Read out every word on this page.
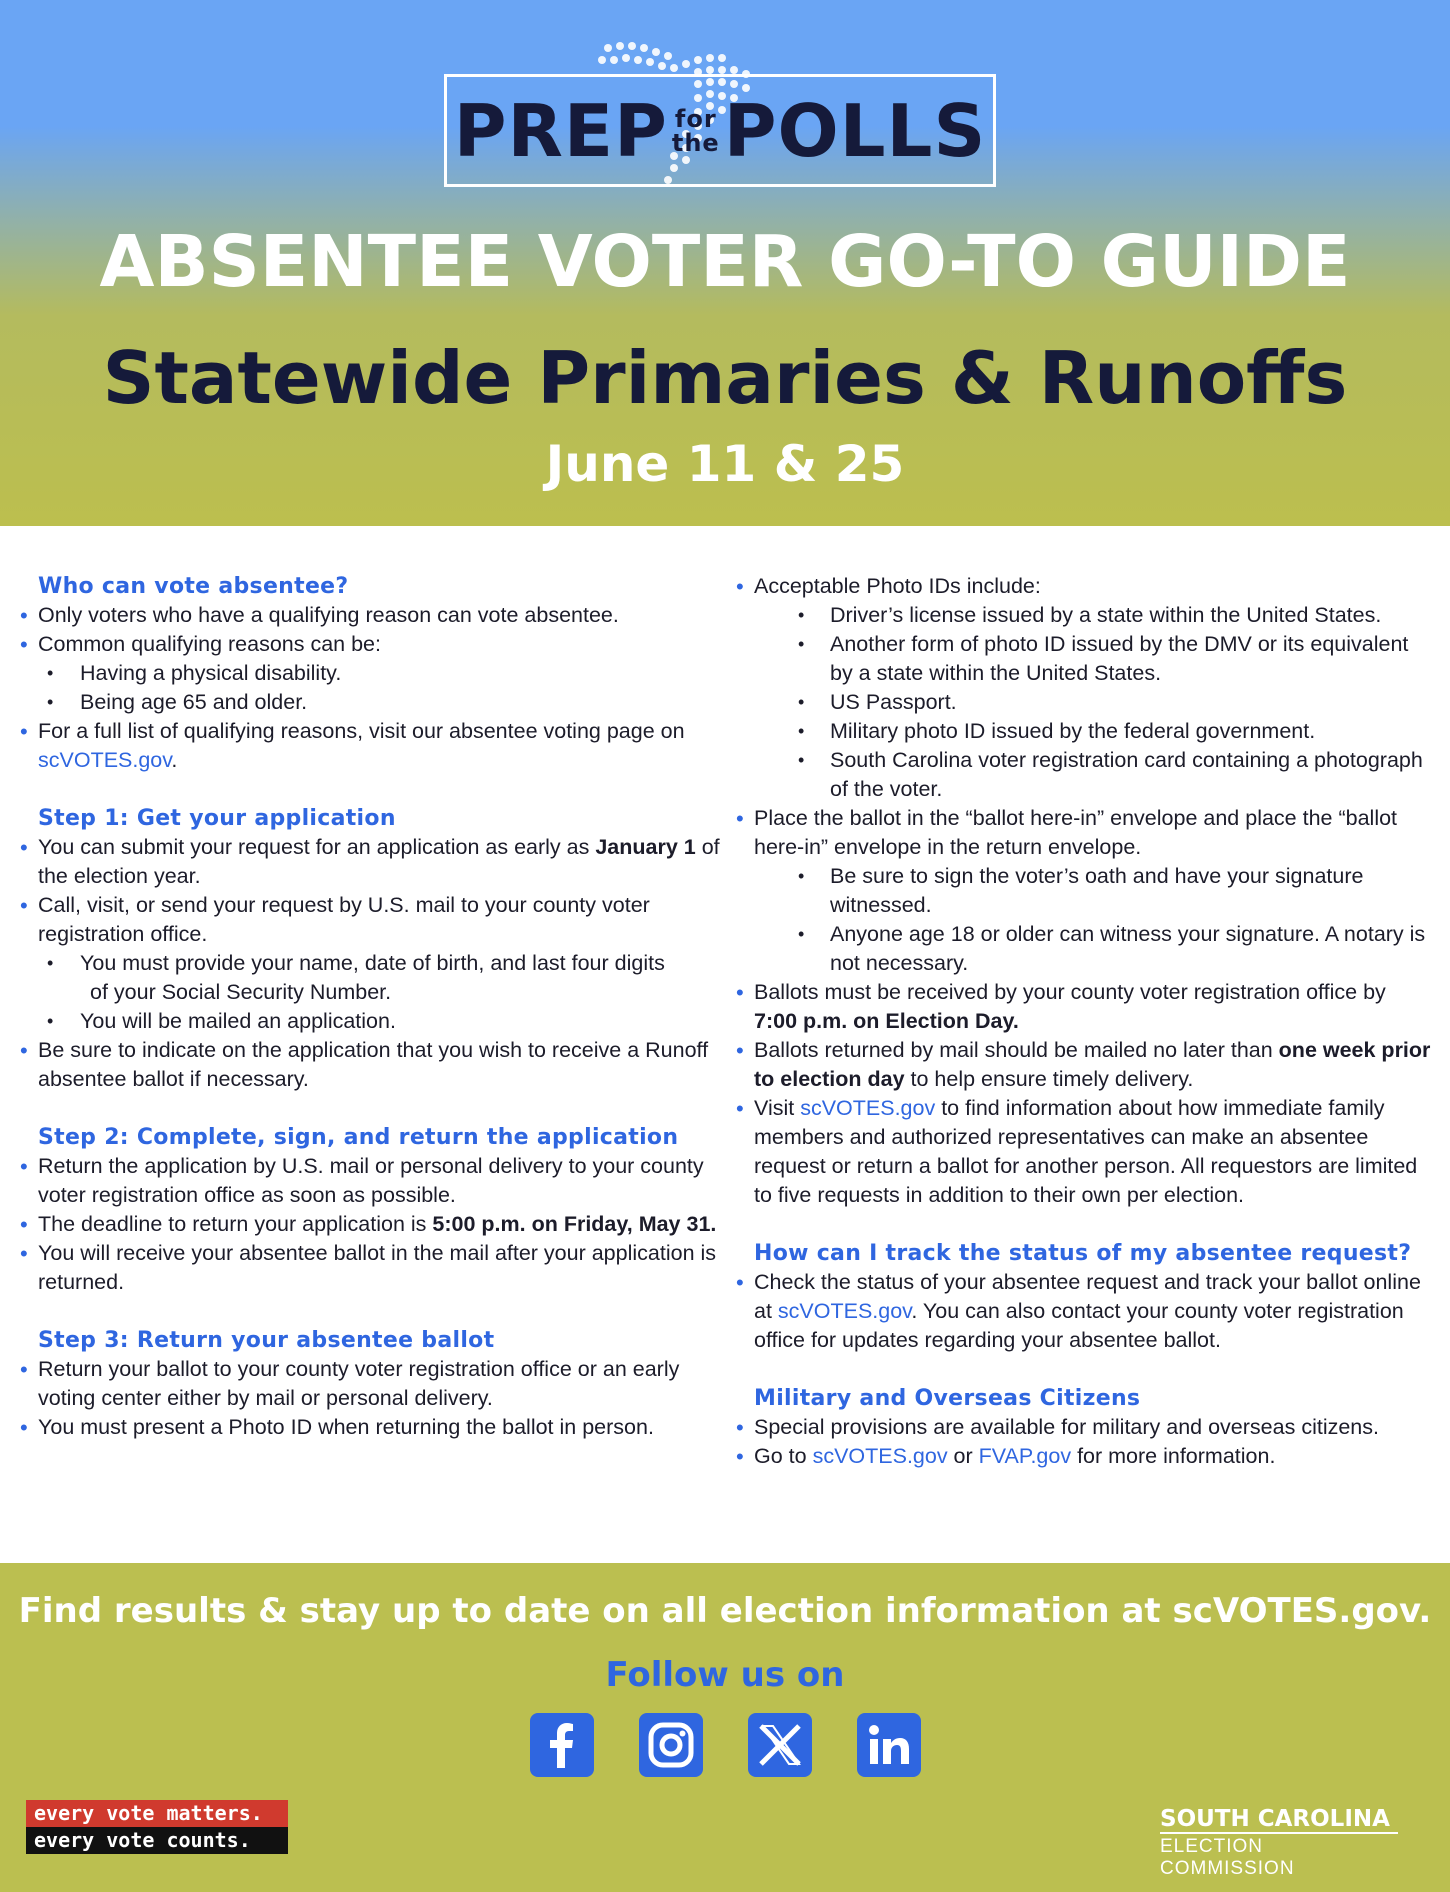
PREP for
the POLLS
ABSENTEE VOTER GO-TO GUIDE
Statewide Primaries & Runoffs
June 11 & 25
Who can vote absentee?
• Only voters who have a qualifying reason can vote absentee.
• Common qualifying reasons can be:
• Having a physical disability.
• Being age 65 and older.
• For a full list of qualifying reasons, visit our absentee voting page on scVOTES.gov.
Step 1: Get your application
• You can submit your request for an application as early as January 1 of the election year.
• Call, visit, or send your request by U.S. mail to your county voter registration office.
• You must provide your name, date of birth, and last four digits
of your Social Security Number.
• You will be mailed an application.
• Be sure to indicate on the application that you wish to receive a Runoff absentee ballot if necessary.
Step 2: Complete, sign, and return the application
• Return the application by U.S. mail or personal delivery to your county voter registration office as soon as possible.
• The deadline to return your application is 5:00 p.m. on Friday, May 31.
• You will receive your absentee ballot in the mail after your application is returned.
Step 3: Return your absentee ballot
• Return your ballot to your county voter registration office or an early voting center either by mail or personal delivery.
• You must present a Photo ID when returning the ballot in person.
• Acceptable Photo IDs include:
• Driver’s license issued by a state within the United States.
• Another form of photo ID issued by the DMV or its equivalent by a state within the United States.
• US Passport.
• Military photo ID issued by the federal government.
• South Carolina voter registration card containing a photograph of the voter.
• Place the ballot in the “ballot here-in” envelope and place the “ballot here-in” envelope in the return envelope.
• Be sure to sign the voter’s oath and have your signature witnessed.
• Anyone age 18 or older can witness your signature. A notary is not necessary.
• Ballots must be received by your county voter registration office by 7:00 p.m. on Election Day.
• Ballots returned by mail should be mailed no later than one week prior to election day to help ensure timely delivery.
• Visit scVOTES.gov to find information about how immediate family members and authorized representatives can make an absentee request or return a ballot for another person. All requestors are limited to five requests in addition to their own per election.
How can I track the status of my absentee request?
• Check the status of your absentee request and track your ballot online at scVOTES.gov. You can also contact your county voter registration office for updates regarding your absentee ballot.
Military and Overseas Citizens
• Special provisions are available for military and overseas citizens.
• Go to scVOTES.gov or FVAP.gov for more information.
Find results & stay up to date on all election information at scVOTES.gov.
Follow us on
every vote matters.
every vote counts.
SOUTH CAROLINA
ELECTION COMMISSION
